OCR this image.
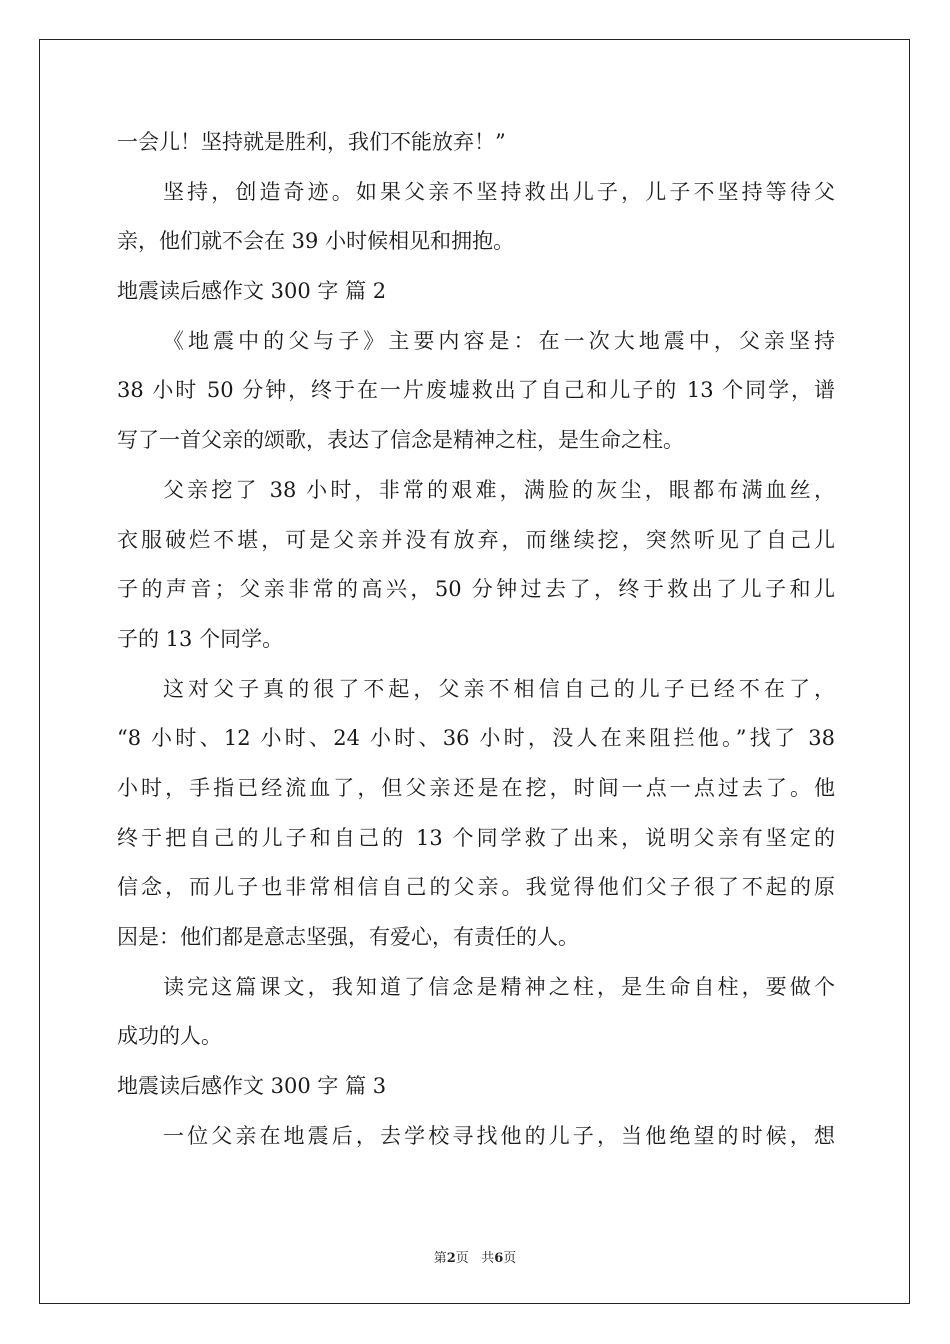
一会儿！坚持就是胜利，我们不能放弃！”
坚持，创造奇迹。如果父亲不坚持救出儿子，儿子不坚持等待父
亲，他们就不会在 39 小时候相见和拥抱。
地震读后感作文 300 字 篇 2
《地震中的父与子》主要内容是：在一次大地震中，父亲坚持
38 小时 50 分钟，终于在一片废墟救出了自己和儿子的 13 个同学，谱
写了一首父亲的颂歌，表达了信念是精神之柱，是生命之柱。
父亲挖了 38 小时，非常的艰难，满脸的灰尘，眼都布满血丝，
衣服破烂不堪，可是父亲并没有放弃，而继续挖，突然听见了自己儿
子的声音；父亲非常的高兴，50 分钟过去了，终于救出了儿子和儿
子的 13 个同学。
这对父子真的很了不起，父亲不相信自己的儿子已经不在了，
“8 小时、12 小时、24 小时、36 小时，没人在来阻拦他。”找了 38
小时，手指已经流血了，但父亲还是在挖，时间一点一点过去了。他
终于把自己的儿子和自己的 13 个同学救了出来，说明父亲有坚定的
信念，而儿子也非常相信自己的父亲。我觉得他们父子很了不起的原
因是：他们都是意志坚强，有爱心，有责任的人。
读完这篇课文，我知道了信念是精神之柱，是生命自柱，要做个
成功的人。
地震读后感作文 300 字 篇 3
一位父亲在地震后，去学校寻找他的儿子，当他绝望的时候，想
第2页 共6页
